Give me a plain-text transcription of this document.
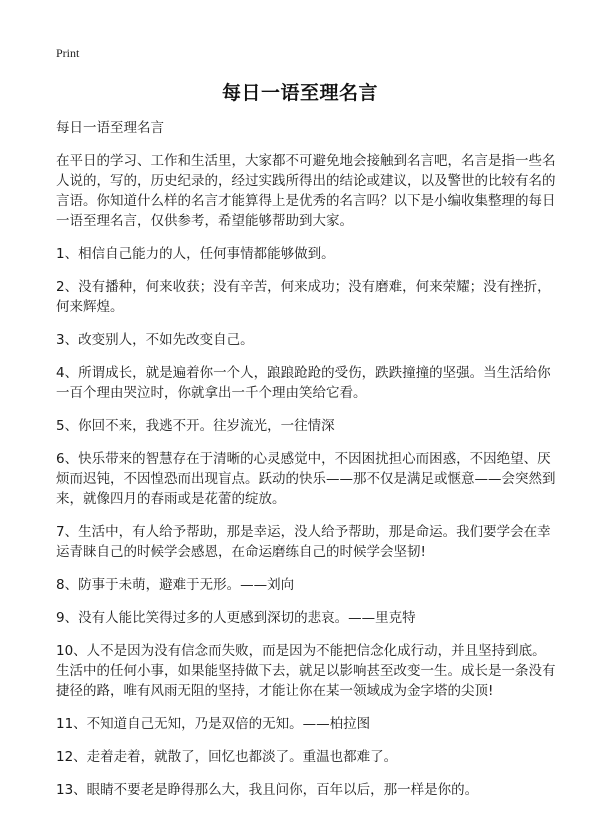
Print
每日一语至理名言

每日一语至理名言

在平日的学习、工作和生活里，大家都不可避免地会接触到名言吧，名言是指一些名人说的，写的，历史纪录的，经过实践所得出的结论或建议，以及警世的比较有名的言语。你知道什么样的名言才能算得上是优秀的名言吗？以下是小编收集整理的每日一语至理名言，仅供参考，希望能够帮助到大家。

1、相信自己能力的人，任何事情都能够做到。
2、没有播种，何来收获；没有辛苦，何来成功；没有磨难，何来荣耀；没有挫折，何来辉煌。
3、改变别人，不如先改变自己。
4、所谓成长，就是遍着你一个人，踉踉跄跄的受伤，跌跌撞撞的坚强。当生活给你一百个理由哭泣时，你就拿出一千个理由笑给它看。
5、你回不来，我逃不开。往岁流光，一往情深
6、快乐带来的智慧存在于清晰的心灵感觉中，不因困扰担心而困惑，不因绝望、厌烦而迟钝，不因惶恐而出现盲点。跃动的快乐——那不仅是满足或惬意——会突然到来，就像四月的春雨或是花蕾的绽放。
7、生活中，有人给予帮助，那是幸运，没人给予帮助，那是命运。我们要学会在幸运青睐自己的时候学会感恩，在命运磨练自己的时候学会坚韧!
8、防事于未萌，避难于无形。——刘向
9、没有人能比笑得过多的人更感到深切的悲哀。——里克特
10、人不是因为没有信念而失败，而是因为不能把信念化成行动，并且坚持到底。生活中的任何小事，如果能坚持做下去，就足以影响甚至改变一生。成长是一条没有捷径的路，唯有风雨无阻的坚持，才能让你在某一领域成为金字塔的尖顶!
11、不知道自己无知，乃是双倍的无知。——柏拉图
12、走着走着，就散了，回忆也都淡了。重温也都难了。
13、眼睛不要老是睁得那么大，我且问你，百年以后，那一样是你的。
